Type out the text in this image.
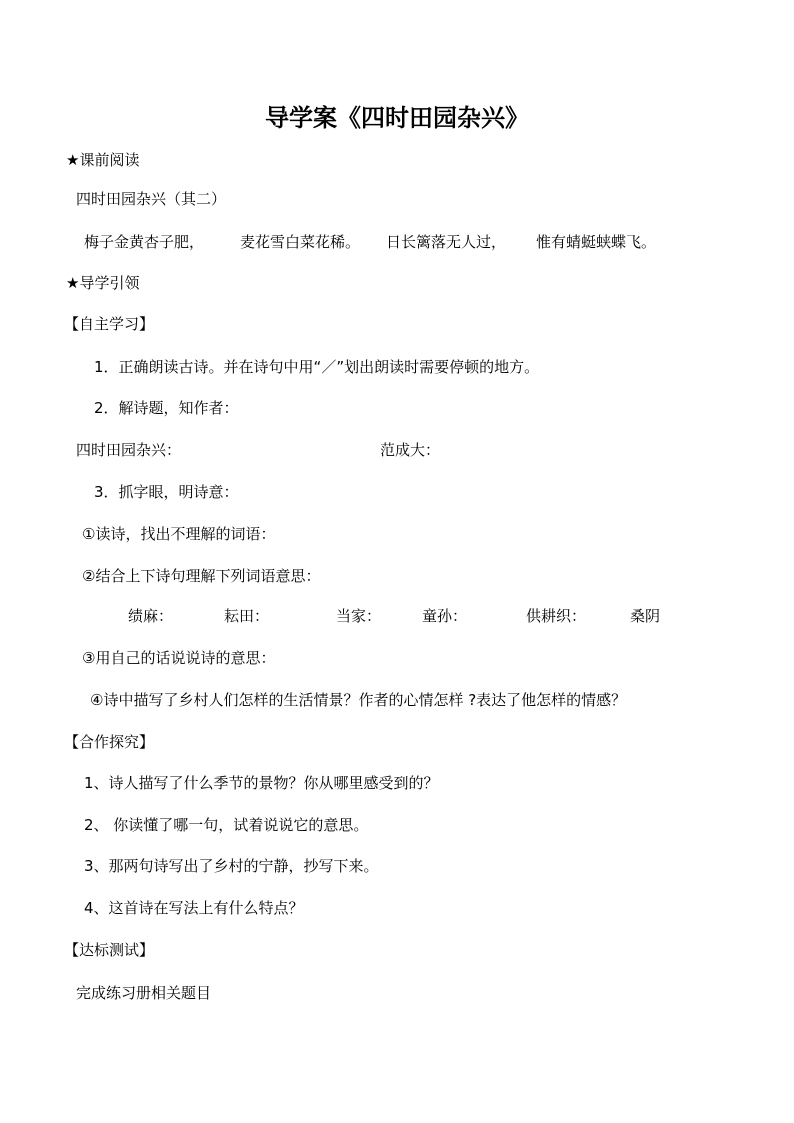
导学案《四时田园杂兴》
★课前阅读
四时田园杂兴（其二）
梅子金黄杏子肥， 麦花雪白菜花稀。 日长篱落无人过， 惟有蜻蜓蛱蝶飞。
★导学引领
【自主学习】
1．正确朗读古诗。并在诗句中用“／”划出朗读时需要停顿的地方。
2．解诗题，知作者：
四时田园杂兴：	范成大：
3．抓字眼，明诗意：
①读诗，找出不理解的词语：
②结合上下诗句理解下列词语意思：
绩麻：	耘田：	当家：	童孙：	供耕织：	桑阴
③用自己的话说说诗的意思：
④诗中描写了乡村人们怎样的生活情景？作者的心情怎样 ?表达了他怎样的情感？
【合作探究】
1、诗人描写了什么季节的景物？你从哪里感受到的？
2、 你读懂了哪一句，试着说说它的意思。
3、那两句诗写出了乡村的宁静，抄写下来。
4、这首诗在写法上有什么特点？
【达标测试】
完成练习册相关题目
